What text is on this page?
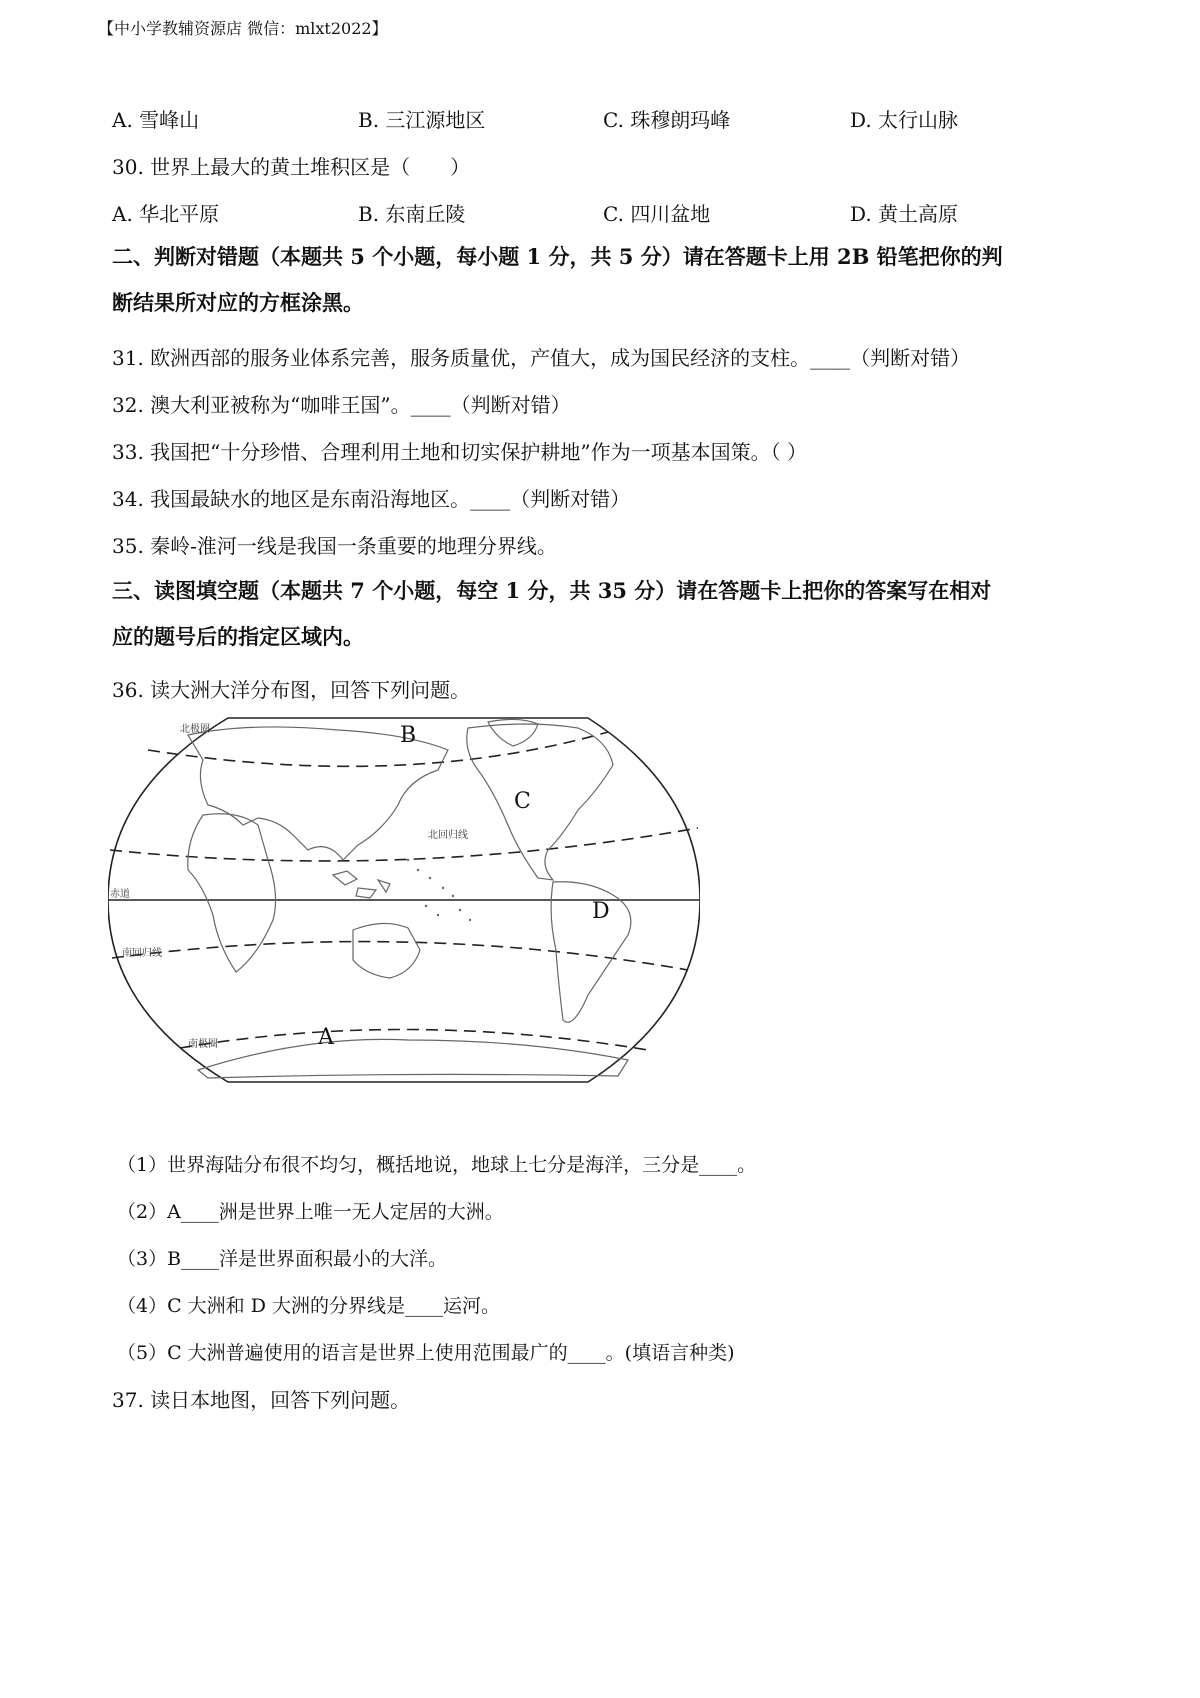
【中小学教辅资源店 微信：mlxt2022】
A. 雪峰山	B. 三江源地区	C. 珠穆朗玛峰	D. 太行山脉
30. 世界上最大的黄土堆积区是（　　）
A. 华北平原	B. 东南丘陵	C. 四川盆地	D. 黄土高原
二、判断对错题（本题共 5 个小题，每小题 1 分，共 5 分）请在答题卡上用 2B 铅笔把你的判
断结果所对应的方框涂黑。
31. 欧洲西部的服务业体系完善，服务质量优，产值大，成为国民经济的支柱。____（判断对错）
32. 澳大利亚被称为“咖啡王国”。____（判断对错）
33. 我国把“十分珍惜、合理利用土地和切实保护耕地”作为一项基本国策。（ ）
34. 我国最缺水的地区是东南沿海地区。____（判断对错）
35. 秦岭-淮河一线是我国一条重要的地理分界线。
三、读图填空题（本题共 7 个小题，每空 1 分，共 35 分）请在答题卡上把你的答案写在相对
应的题号后的指定区域内。
36. 读大洲大洋分布图，回答下列问题。
北极圈
北回归线
赤道
南回归线
南极圈
B
C
D
A
（1）世界海陆分布很不均匀，概括地说，地球上七分是海洋，三分是____。
（2）A____洲是世界上唯一无人定居的大洲。
（3）B____洋是世界面积最小的大洋。
（4）C 大洲和 D 大洲的分界线是____运河。
（5）C 大洲普遍使用的语言是世界上使用范围最广的____。(填语言种类)
37. 读日本地图，回答下列问题。
